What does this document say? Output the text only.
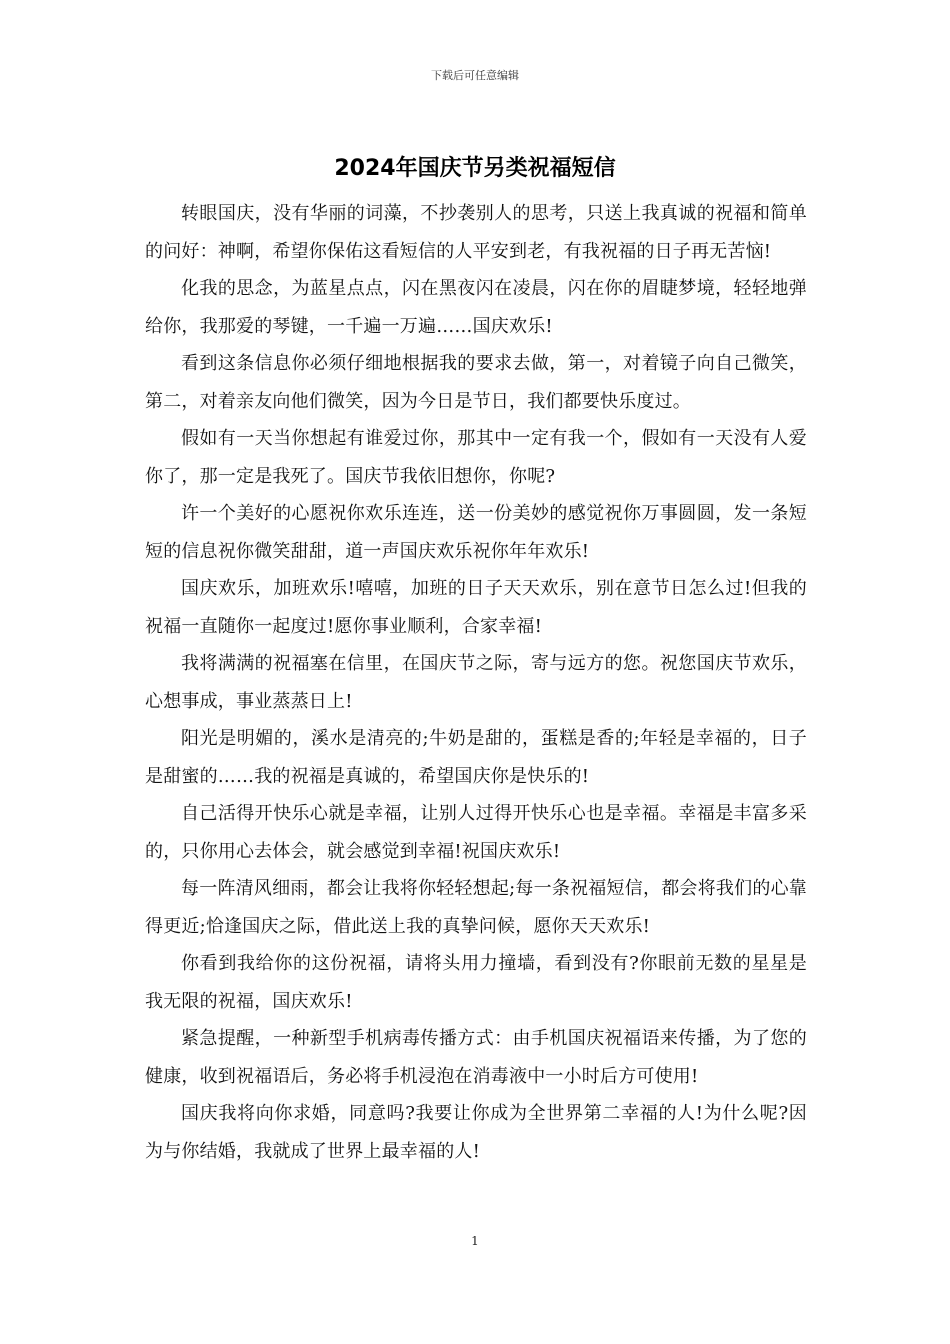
下载后可任意编辑
2024年国庆节另类祝福短信

转眼国庆，没有华丽的词藻，不抄袭别人的思考，只送上我真诚的祝福和简单的问好：神啊，希望你保佑这看短信的人平安到老，有我祝福的日子再无苦恼!

化我的思念，为蓝星点点，闪在黑夜闪在凌晨，闪在你的眉睫梦境，轻轻地弹给你，我那爱的琴键，一千遍一万遍……国庆欢乐!

看到这条信息你必须仔细地根据我的要求去做，第一，对着镜子向自己微笑，第二，对着亲友向他们微笑，因为今日是节日，我们都要快乐度过。

假如有一天当你想起有谁爱过你，那其中一定有我一个，假如有一天没有人爱你了，那一定是我死了。国庆节我依旧想你，你呢?

许一个美好的心愿祝你欢乐连连，送一份美妙的感觉祝你万事圆圆，发一条短短的信息祝你微笑甜甜，道一声国庆欢乐祝你年年欢乐!

国庆欢乐，加班欢乐!嘻嘻，加班的日子天天欢乐，别在意节日怎么过!但我的祝福一直随你一起度过!愿你事业顺利，合家幸福!

我将满满的祝福塞在信里，在国庆节之际，寄与远方的您。祝您国庆节欢乐，心想事成，事业蒸蒸日上!

阳光是明媚的，溪水是清亮的;牛奶是甜的，蛋糕是香的;年轻是幸福的，日子是甜蜜的……我的祝福是真诚的，希望国庆你是快乐的!

自己活得开快乐心就是幸福，让别人过得开快乐心也是幸福。幸福是丰富多采的，只你用心去体会，就会感觉到幸福!祝国庆欢乐!

每一阵清风细雨，都会让我将你轻轻想起;每一条祝福短信，都会将我们的心靠得更近;恰逢国庆之际，借此送上我的真挚问候，愿你天天欢乐!

你看到我给你的这份祝福，请将头用力撞墙，看到没有?你眼前无数的星星是我无限的祝福，国庆欢乐!

紧急提醒，一种新型手机病毒传播方式：由手机国庆祝福语来传播，为了您的健康，收到祝福语后，务必将手机浸泡在消毒液中一小时后方可使用!

国庆我将向你求婚，同意吗?我要让你成为全世界第二幸福的人!为什么呢?因为与你结婚，我就成了世界上最幸福的人!

1
